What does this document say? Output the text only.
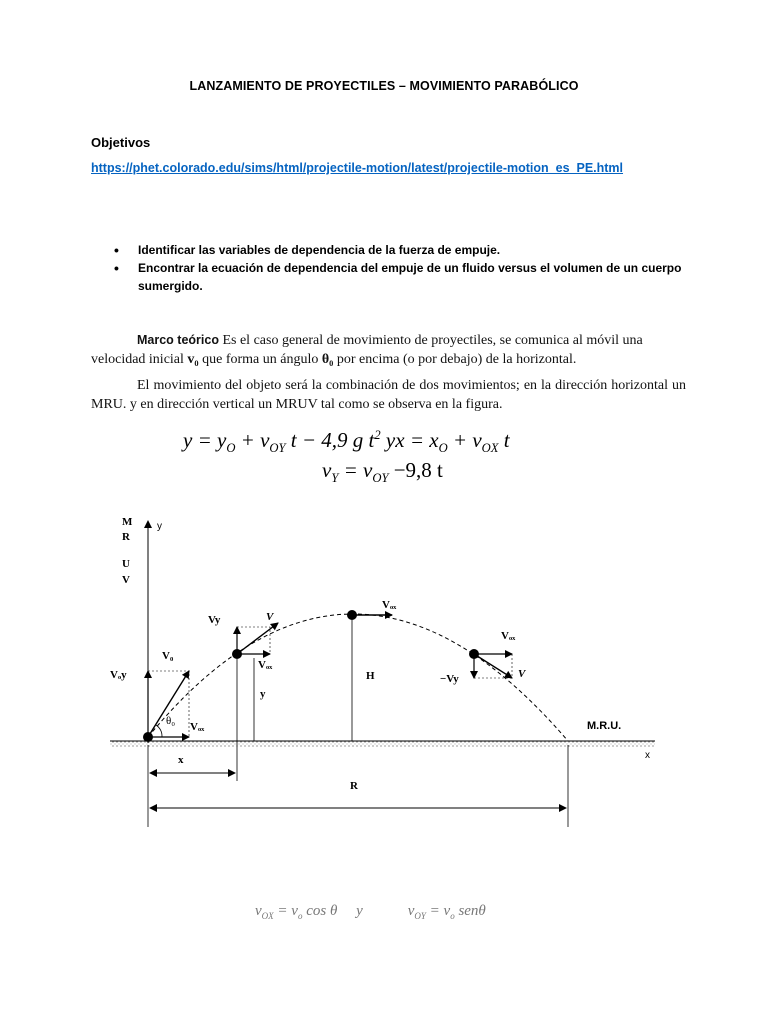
LANZAMIENTO DE PROYECTILES – MOVIMIENTO PARABÓLICO
Objetivos
https://phet.colorado.edu/sims/html/projectile-motion/latest/projectile-motion_es_PE.html
• Identificar las variables de dependencia de la fuerza de empuje.
• Encontrar la ecuación de dependencia del empuje de un fluido versus el volumen de un cuerpo sumergido.
Marco teórico Es el caso general de movimiento de proyectiles, se comunica al móvil una velocidad inicial v₀ que forma un ángulo θ₀ por encima (o por debajo) de la horizontal.
El movimiento del objeto será la combinación de dos movimientos; en la dirección horizontal un MRU. y en dirección vertical un MRUV tal como se observa en la figura.
$y = y_O + v_{OY}$ t − 4,9 g $t^2$ yx = $x_O + v_{OX}$ t
$v_Y = v_{OY} -9,8$ t
M
R
U
V
y
x
V₀
Vₒy
θ₀ Vₒₓ
Vy	V
Vₒₓ
y
Vₒₓ
H
Vₒₓ
−Vy	V
x
R
M.R.U.
$v_{OX} = v_o$ cos θ     y            $v_{OY} = v_o$ senθ
